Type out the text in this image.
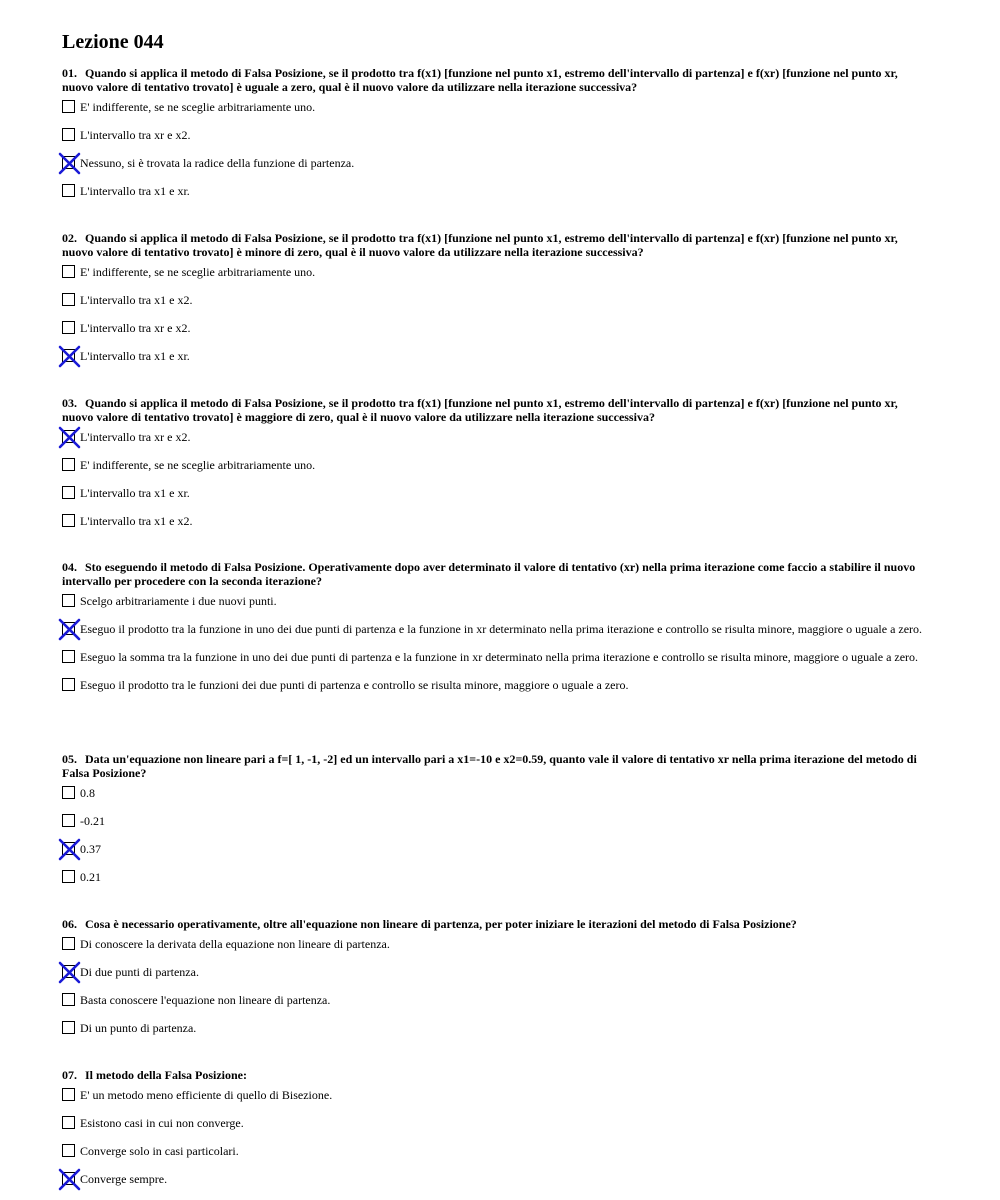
Lezione 044

01. Quando si applica il metodo di Falsa Posizione, se il prodotto tra f(x1) [funzione nel punto x1, estremo dell'intervallo di partenza] e f(xr) [funzione nel punto xr, nuovo valore di tentativo trovato] è uguale a zero, qual è il nuovo valore da utilizzare nella iterazione successiva?

E' indifferente, se ne sceglie arbitrariamente uno.
L'intervallo tra xr e x2.
Nessuno, si è trovata la radice della funzione di partenza.
L'intervallo tra x1 e xr.

02. Quando si applica il metodo di Falsa Posizione, se il prodotto tra f(x1) [funzione nel punto x1, estremo dell'intervallo di partenza] e f(xr) [funzione nel punto xr, nuovo valore di tentativo trovato] è minore di zero, qual è il nuovo valore da utilizzare nella iterazione successiva?

E' indifferente, se ne sceglie arbitrariamente uno.
L'intervallo tra x1 e x2.
L'intervallo tra xr e x2.
L'intervallo tra x1 e xr.

03. Quando si applica il metodo di Falsa Posizione, se il prodotto tra f(x1) [funzione nel punto x1, estremo dell'intervallo di partenza] e f(xr) [funzione nel punto xr, nuovo valore di tentativo trovato] è maggiore di zero, qual è il nuovo valore da utilizzare nella iterazione successiva?

L'intervallo tra xr e x2.
E' indifferente, se ne sceglie arbitrariamente uno.
L'intervallo tra x1 e xr.
L'intervallo tra x1 e x2.

04. Sto eseguendo il metodo di Falsa Posizione. Operativamente dopo aver determinato il valore di tentativo (xr) nella prima iterazione come faccio a stabilire il nuovo intervallo per procedere con la seconda iterazione?

Scelgo arbitrariamente i due nuovi punti.
Eseguo il prodotto tra la funzione in uno dei due punti di partenza e la funzione in xr determinato nella prima iterazione e controllo se risulta minore, maggiore o uguale a zero.
Eseguo la somma tra la funzione in uno dei due punti di partenza e la funzione in xr determinato nella prima iterazione e controllo se risulta minore, maggiore o uguale a zero.
Eseguo il prodotto tra le funzioni dei due punti di partenza e controllo se risulta minore, maggiore o uguale a zero.

05. Data un'equazione non lineare pari a f=[ 1, -1, -2] ed un intervallo pari a x1=-10 e x2=0.59, quanto vale il valore di tentativo xr nella prima iterazione del metodo di Falsa Posizione?

0.8
-0.21
0.37
0.21

06. Cosa è necessario operativamente, oltre all'equazione non lineare di partenza, per poter iniziare le iterazioni del metodo di Falsa Posizione?

Di conoscere la derivata della equazione non lineare di partenza.
Di due punti di partenza.
Basta conoscere l'equazione non lineare di partenza.
Di un punto di partenza.

07. Il metodo della Falsa Posizione:

E' un metodo meno efficiente di quello di Bisezione.
Esistono casi in cui non converge.
Converge solo in casi particolari.
Converge sempre.
